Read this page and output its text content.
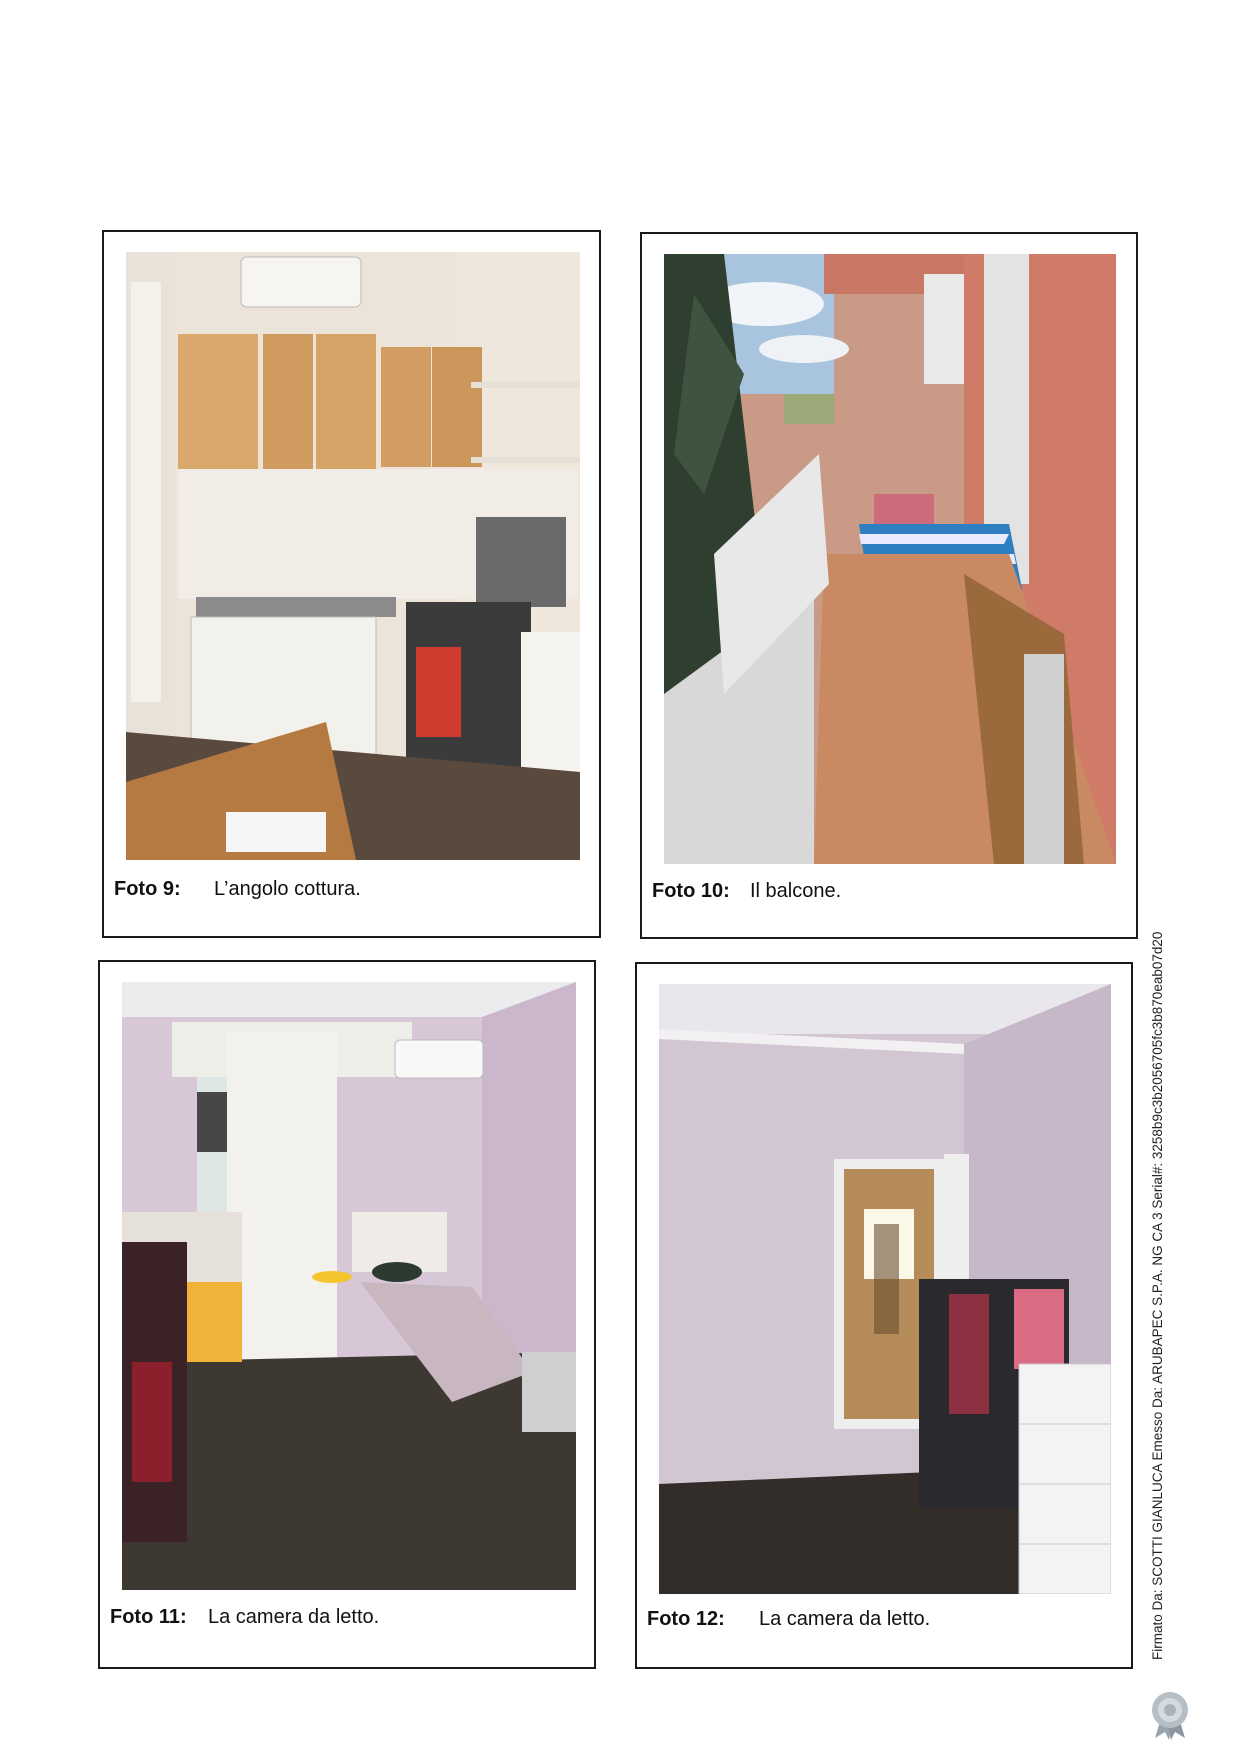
Foto 9: L’angolo cottura.	Foto 10: Il balcone.
Foto 11: La camera da letto.	Foto 12: La camera da letto.	Firmato Da: SCOTTI GIANLUCA Emesso Da: ARUBAPEC S.P.A. NG CA 3 Serial#: 3258b9c3b2056705fc3b870eab07d20
